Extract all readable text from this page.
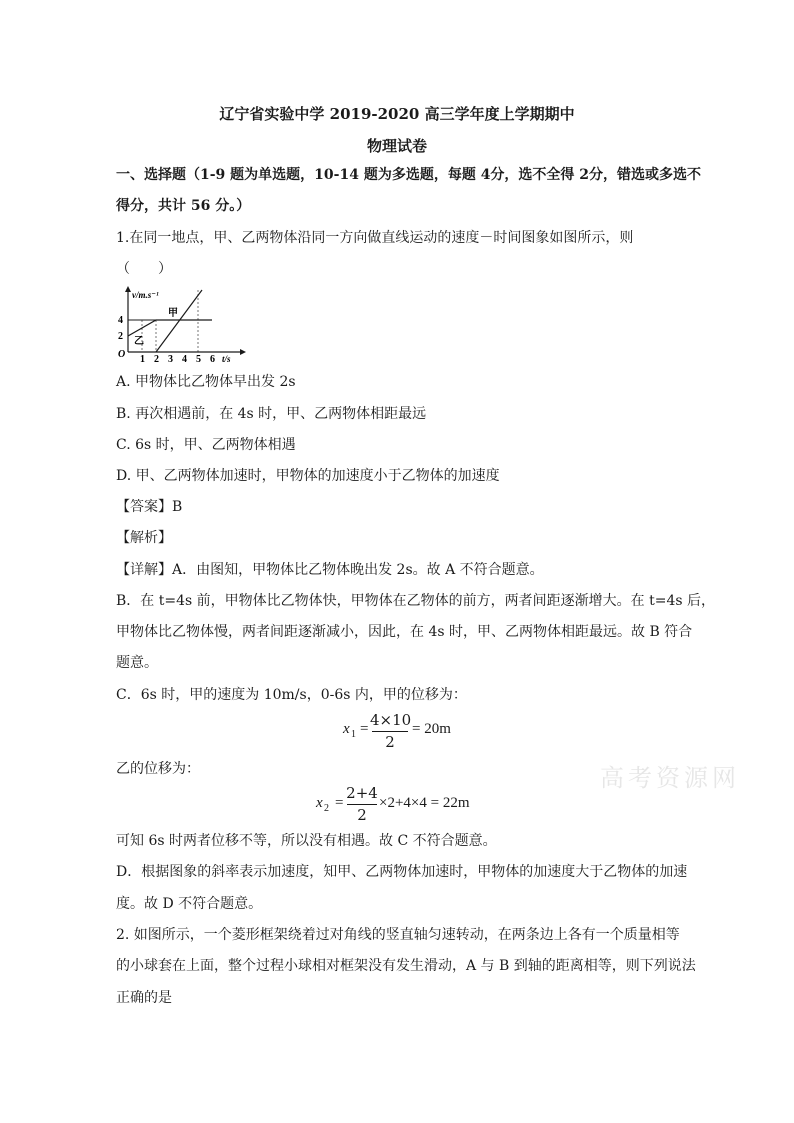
辽宁省实验中学 2019-2020 高三学年度上学期期中
物理试卷
一、选择题（1-9 题为单选题，10-14 题为多选题，每题 4分，选不全得 2分，错选或多选不
得分，共计 56 分。）
1.在同一地点，甲、乙两物体沿同一方向做直线运动的速度－时间图象如图所示，则
（　　）
v/m.s⁻¹
4
2
O
甲
乙
1 2 3 4 5 6 t/s
A. 甲物体比乙物体早出发 2s
B. 再次相遇前，在 4s 时，甲、乙两物体相距最远
C. 6s 时，甲、乙两物体相遇
D. 甲、乙两物体加速时，甲物体的加速度小于乙物体的加速度
【答案】B
【解析】
【详解】A．由图知，甲物体比乙物体晚出发 2s。故 A 不符合题意。
B．在 t=4s 前，甲物体比乙物体快，甲物体在乙物体的前方，两者间距逐渐增大。在 t=4s 后，
甲物体比乙物体慢，两者间距逐渐减小，因此，在 4s 时，甲、乙两物体相距最远。故 B 符合
题意。
C．6s 时，甲的速度为 10m/s，0-6s 内，甲的位移为：
x 1 = 4×10
2
= 20m
乙的位移为：
x 2 =
2+4
2
×2+4×4 = 22m
可知 6s 时两者位移不等，所以没有相遇。故 C 不符合题意。
D．根据图象的斜率表示加速度，知甲、乙两物体加速时，甲物体的加速度大于乙物体的加速
度。故 D 不符合题意。
2. 如图所示，一个菱形框架绕着过对角线的竖直轴匀速转动，在两条边上各有一个质量相等
的小球套在上面，整个过程小球相对框架没有发生滑动，A 与 B 到轴的距离相等，则下列说法
正确的是
高考资源网
